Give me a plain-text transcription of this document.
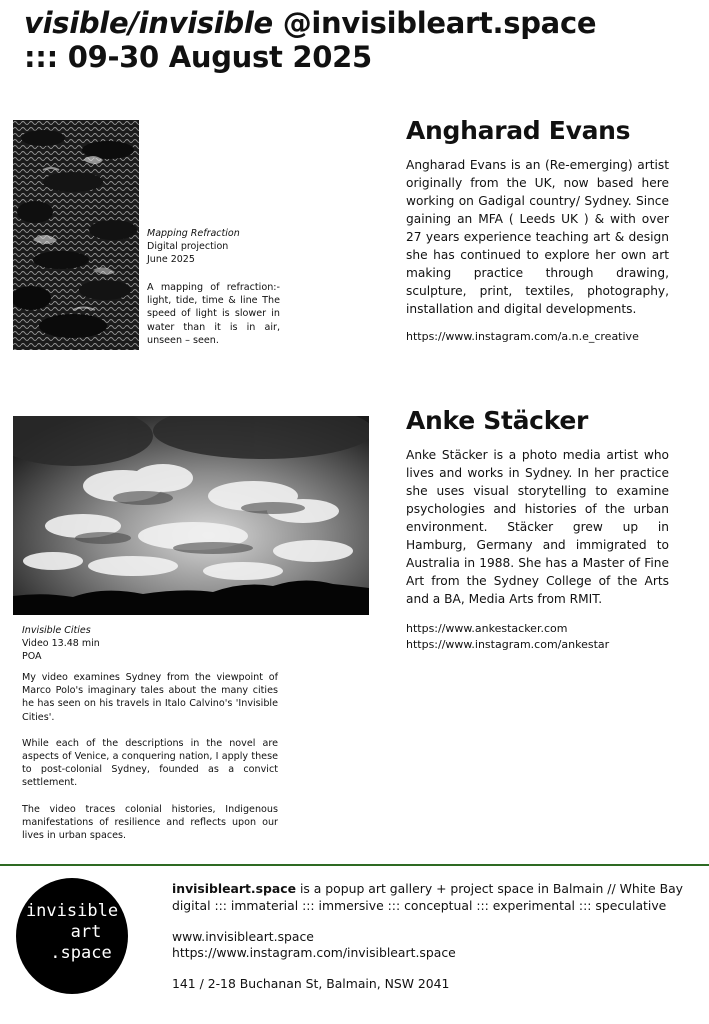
visible/invisible @invisibleart.space
::: 09-30 August 2025
Mapping Refraction
Digital projection
June 2025

A mapping of refraction:- light, tide, time & line The speed of light is slower in water than it is in air, unseen – seen.

Angharad Evans
Angharad Evans is an (Re-emerging) artist originally from the UK, now based here working on Gadigal country/ Sydney. Since gaining an MFA ( Leeds UK ) & with over 27 years experience teaching art & design she has continued to explore her own art making practice through drawing, sculpture, print, textiles, photography, installation and digital developments.
https://www.instagram.com/a.n.e_creative
Invisible Cities
Video 13.48 min
POA

My video examines Sydney from the viewpoint of Marco Polo's imaginary tales about the many cities he has seen on his travels in Italo Calvino's 'Invisible Cities'.

While each of the descriptions in the novel are aspects of Venice, a conquering nation, I apply these to post-colonial Sydney, founded as a convict settlement.

The video traces colonial histories, Indigenous manifestations of resilience and reflects upon our lives in urban spaces.

Anke Stäcker
Anke Stäcker is a photo media artist who lives and works in Sydney. In her practice she uses visual storytelling to examine psychologies and histories of the urban environment. Stäcker grew up in Hamburg, Germany and immigrated to Australia in 1988. She has a Master of Fine Art from the Sydney College of the Arts and a BA, Media Arts from RMIT.
https://www.ankestacker.com
https://www.instagram.com/ankestar
invisible
art
.space
invisibleart.space is a popup art gallery + project space in Balmain // White Bay
digital ::: immaterial ::: immersive ::: conceptual ::: experimental ::: speculative
www.invisibleart.space
https://www.instagram.com/invisibleart.space
141 / 2-18 Buchanan St, Balmain, NSW 2041
